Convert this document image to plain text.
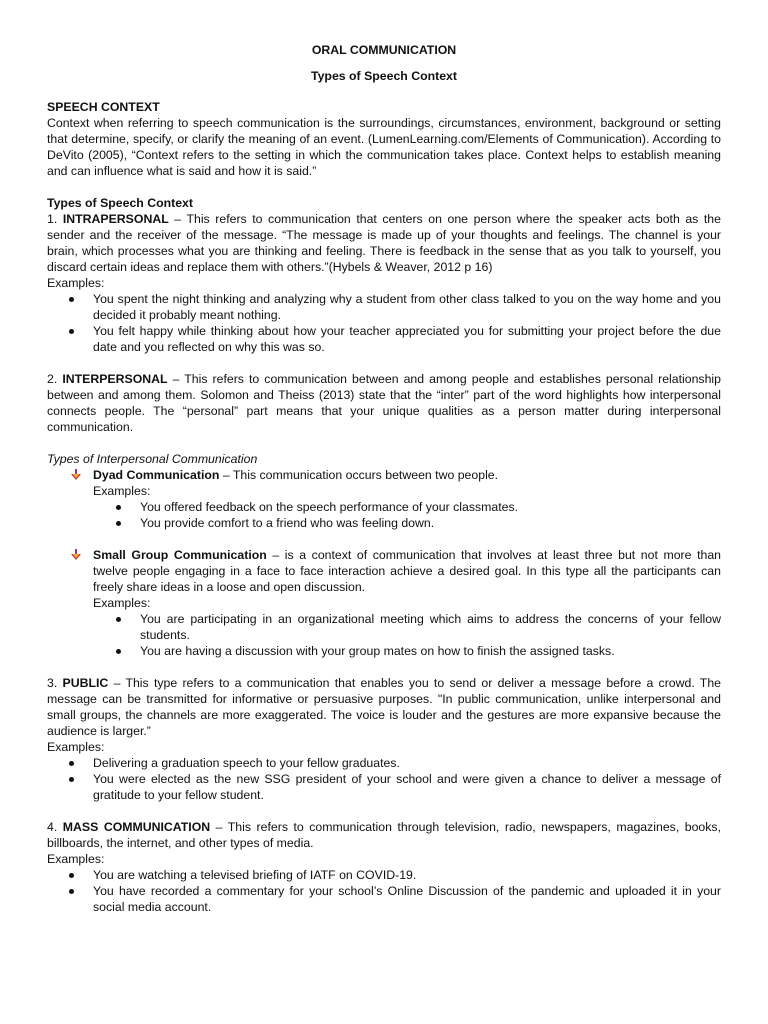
ORAL COMMUNICATION

Types of Speech Context

SPEECH CONTEXT

Context when referring to speech communication is the surroundings, circumstances, environment, background or setting that determine, specify, or clarify the meaning of an event. (LumenLearning.com/Elements of Communication). According to DeVito (2005), “Context refers to the setting in which the communication takes place. Context helps to establish meaning and can influence what is said and how it is said.”

Types of Speech Context

1. INTRAPERSONAL – This refers to communication that centers on one person where the speaker acts both as the sender and the receiver of the message. “The message is made up of your thoughts and feelings. The channel is your brain, which processes what you are thinking and feeling. There is feedback in the sense that as you talk to yourself, you discard certain ideas and replace them with others.”(Hybels & Weaver, 2012 p 16)

Examples:

You spent the night thinking and analyzing why a student from other class talked to you on the way home and you decided it probably meant nothing.
You felt happy while thinking about how your teacher appreciated you for submitting your project before the due date and you reflected on why this was so.

2. INTERPERSONAL – This refers to communication between and among people and establishes personal relationship between and among them. Solomon and Theiss (2013) state that the “inter” part of the word highlights how interpersonal connects people. The “personal” part means that your unique qualities as a person matter during interpersonal communication.

Types of Interpersonal Communication

Dyad Communication – This communication occurs between two people.

Examples:

You offered feedback on the speech performance of your classmates.
You provide comfort to a friend who was feeling down.

Small Group Communication – is a context of communication that involves at least three but not more than twelve people engaging in a face to face interaction achieve a desired goal. In this type all the participants can freely share ideas in a loose and open discussion.

Examples:

You are participating in an organizational meeting which aims to address the concerns of your fellow students.
You are having a discussion with your group mates on how to finish the assigned tasks.

3. PUBLIC – This type refers to a communication that enables you to send or deliver a message before a crowd. The message can be transmitted for informative or persuasive purposes. "In public communication, unlike interpersonal and small groups, the channels are more exaggerated. The voice is louder and the gestures are more expansive because the audience is larger.”

Examples:

Delivering a graduation speech to your fellow graduates.
You were elected as the new SSG president of your school and were given a chance to deliver a message of gratitude to your fellow student.

4. MASS COMMUNICATION – This refers to communication through television, radio, newspapers, magazines, books, billboards, the internet, and other types of media.

Examples:

You are watching a televised briefing of IATF on COVID-19.
You have recorded a commentary for your school’s Online Discussion of the pandemic and uploaded it in your social media account.
